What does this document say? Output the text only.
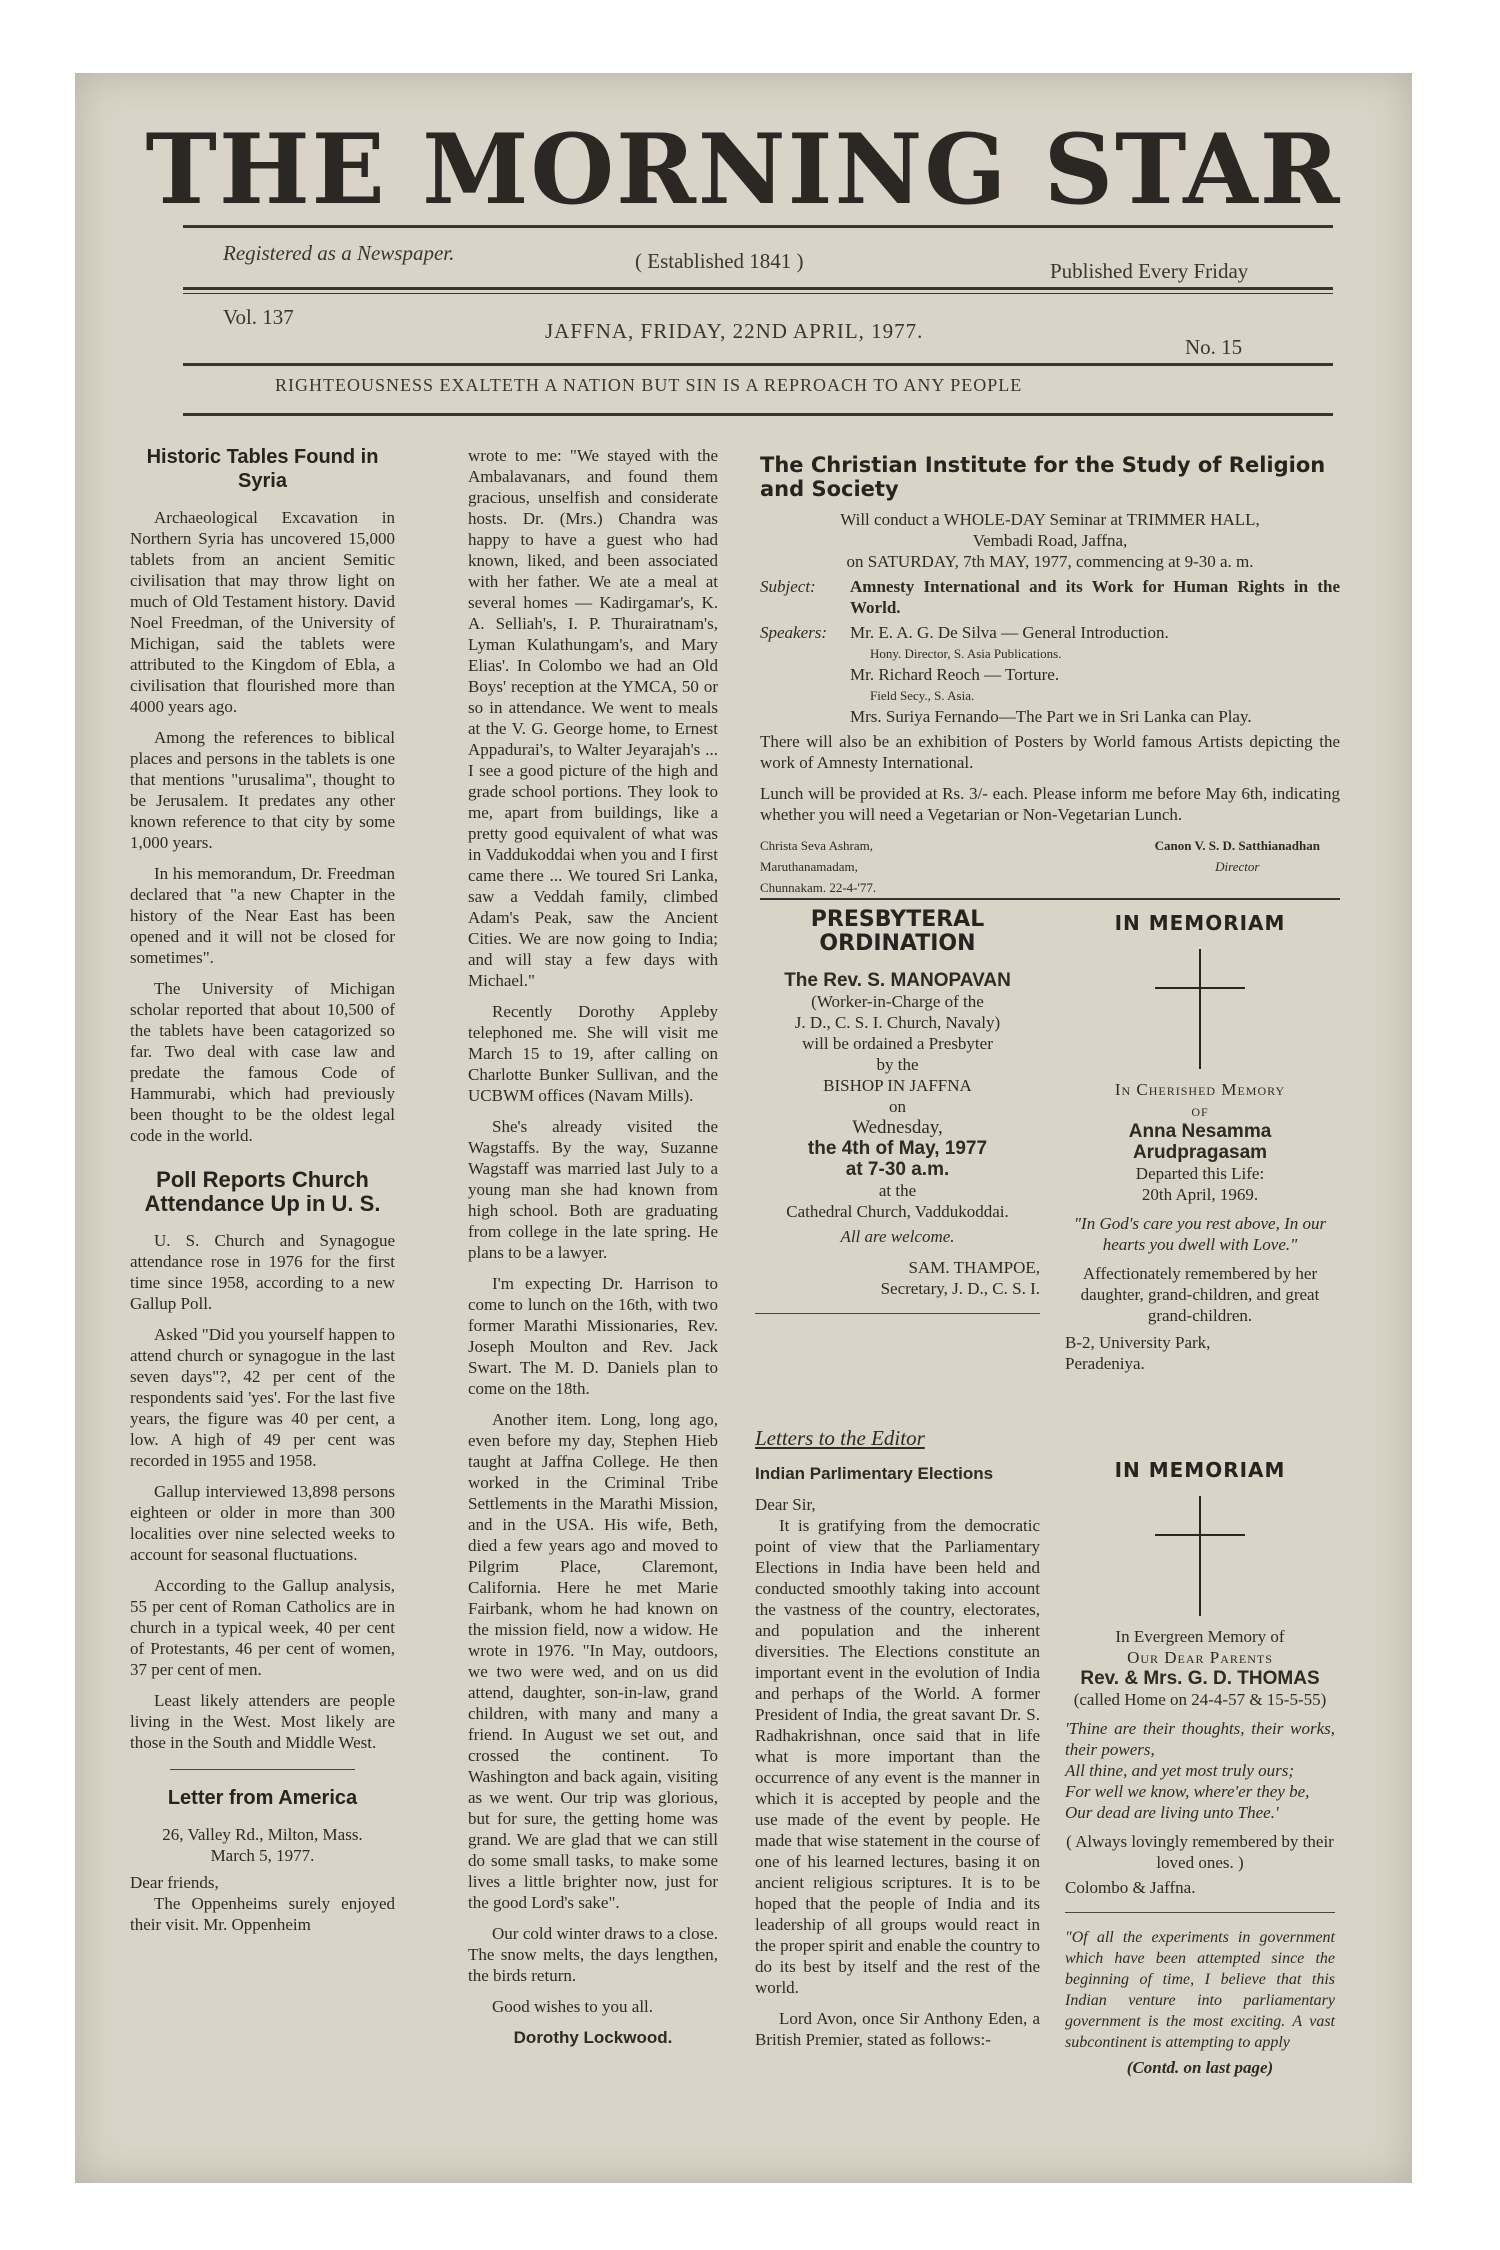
THE MORNING STAR
Registered as a Newspaper.	( Established 1841 )	Published Every Friday
Vol. 137
JAFFNA, FRIDAY, 22ND APRIL, 1977.
No. 15
RIGHTEOUSNESS EXALTETH A NATION BUT SIN IS A REPROACH TO ANY PEOPLE
Historic Tables Found in Syria

Archaeological Excavation in Northern Syria has uncovered 15,000 tablets from an ancient Semitic civilisation that may throw light on much of Old Testament history. David Noel Freedman, of the University of Michigan, said the tablets were attributed to the Kingdom of Ebla, a civilisation that flourished more than 4000 years ago.

Among the references to biblical places and persons in the tablets is one that mentions "urusalima", thought to be Jerusalem. It predates any other known reference to that city by some 1,000 years.

In his memorandum, Dr. Freedman declared that "a new Chapter in the history of the Near East has been opened and it will not be closed for sometimes".

The University of Michigan scholar reported that about 10,500 of the tablets have been catagorized so far. Two deal with case law and predate the famous Code of Hammurabi, which had previously been thought to be the oldest legal code in the world.

Poll Reports Church Attendance Up in U. S.

U. S. Church and Synagogue attendance rose in 1976 for the first time since 1958, according to a new Gallup Poll.

Asked "Did you yourself happen to attend church or synagogue in the last seven days"?, 42 per cent of the respondents said 'yes'. For the last five years, the figure was 40 per cent, a low. A high of 49 per cent was recorded in 1955 and 1958.

Gallup interviewed 13,898 persons eighteen or older in more than 300 localities over nine selected weeks to account for seasonal fluctuations.

According to the Gallup analysis, 55 per cent of Roman Catholics are in church in a typical week, 40 per cent of Protestants, 46 per cent of women, 37 per cent of men.

Least likely attenders are people living in the West. Most likely are those in the South and Middle West.

Letter from America
26, Valley Rd., Milton, Mass.
March 5, 1977.
Dear friends,

The Oppenheims surely enjoyed their visit. Mr. Oppenheim

wrote to me: "We stayed with the Ambalavanars, and found them gracious, unselfish and considerate hosts. Dr. (Mrs.) Chandra was happy to have a guest who had known, liked, and been associated with her father. We ate a meal at several homes — Kadirgamar's, K. A. Selliah's, I. P. Thurairatnam's, Lyman Kulathungam's, and Mary Elias'. In Colombo we had an Old Boys' reception at the YMCA, 50 or so in attendance. We went to meals at the V. G. George home, to Ernest Appadurai's, to Walter Jeyarajah's ... I see a good picture of the high and grade school portions. They look to me, apart from buildings, like a pretty good equivalent of what was in Vaddukoddai when you and I first came there ... We toured Sri Lanka, saw a Veddah family, climbed Adam's Peak, saw the Ancient Cities. We are now going to India; and will stay a few days with Michael."

Recently Dorothy Appleby telephoned me. She will visit me March 15 to 19, after calling on Charlotte Bunker Sullivan, and the UCBWM offices (Navam Mills).

She's already visited the Wagstaffs. By the way, Suzanne Wagstaff was married last July to a young man she had known from high school. Both are graduating from college in the late spring. He plans to be a lawyer.

I'm expecting Dr. Harrison to come to lunch on the 16th, with two former Marathi Missionaries, Rev. Joseph Moulton and Rev. Jack Swart. The M. D. Daniels plan to come on the 18th.

Another item. Long, long ago, even before my day, Stephen Hieb taught at Jaffna College. He then worked in the Criminal Tribe Settlements in the Marathi Mission, and in the USA. His wife, Beth, died a few years ago and moved to Pilgrim Place, Claremont, California. Here he met Marie Fairbank, whom he had known on the mission field, now a widow. He wrote in 1976. "In May, outdoors, we two were wed, and on us did attend, daughter, son-in-law, grand children, with many and many a friend. In August we set out, and crossed the continent. To Washington and back again, visiting as we went. Our trip was glorious, but for sure, the getting home was grand. We are glad that we can still do some small tasks, to make some lives a little brighter now, just for the good Lord's sake".

Our cold winter draws to a close. The snow melts, the days lengthen, the birds return.

Good wishes to you all.

Dorothy Lockwood.
The Christian Institute for the Study of Religion and Society
Will conduct a WHOLE-DAY Seminar at TRIMMER HALL,
Vembadi Road, Jaffna,
on SATURDAY, 7th MAY, 1977, commencing at 9-30 a. m.
Subject:	Amnesty International and its Work for Human Rights in the World.
Speakers:	Mr. E. A. G. De Silva — General Introduction.
Hony. Director, S. Asia Publications.
Mr. Richard Reoch — Torture.
Field Secy., S. Asia.
Mrs. Suriya Fernando—The Part we in Sri Lanka can Play.

There will also be an exhibition of Posters by World famous Artists depicting the work of Amnesty International.

Lunch will be provided at Rs. 3/- each. Please inform me before May 6th, indicating whether you will need a Vegetarian or Non-Vegetarian Lunch.

Christa Seva Ashram,
Maruthanamadam,
Chunnakam. 22-4-'77.
Canon V. S. D. Satthianadhan
Director
PRESBYTERAL ORDINATION
The Rev. S. MANOPAVAN
(Worker-in-Charge of the
J. D., C. S. I. Church, Navaly)
will be ordained a Presbyter
by the
BISHOP IN JAFFNA
on
Wednesday,
the 4th of May, 1977
at 7-30 a.m.
at the
Cathedral Church, Vaddukoddai.
All are welcome.
SAM. THAMPOE,
Secretary, J. D., C. S. I.
IN MEMORIAM
In Cherished Memory
of
Anna Nesamma Arudpragasam
Departed this Life:
20th April, 1969.
"In God's care you rest above, In our hearts you dwell with Love."
Affectionately remembered by her daughter, grand-children, and great grand-children.
B-2, University Park,
Peradeniya.
Letters to the Editor
Indian Parlimentary Elections
Dear Sir,

It is gratifying from the democratic point of view that the Parliamentary Elections in India have been held and conducted smoothly taking into account the vastness of the country, electorates, and population and the inherent diversities. The Elections constitute an important event in the evolution of India and perhaps of the World. A former President of India, the great savant Dr. S. Radhakrishnan, once said that in life what is more important than the occurrence of any event is the manner in which it is accepted by people and the use made of the event by people. He made that wise statement in the course of one of his learned lectures, basing it on ancient religious scriptures. It is to be hoped that the people of India and its leadership of all groups would react in the proper spirit and enable the country to do its best by itself and the rest of the world.

Lord Avon, once Sir Anthony Eden, a British Premier, stated as follows:-

IN MEMORIAM
In Evergreen Memory of
Our Dear Parents
Rev. & Mrs. G. D. THOMAS
(called Home on 24-4-57 & 15-5-55)
'Thine are their thoughts, their works, their powers,
All thine, and yet most truly ours;
For well we know, where'er they be,
Our dead are living unto Thee.'
( Always lovingly remembered by their loved ones. )
Colombo & Jaffna.
"Of all the experiments in government which have been attempted since the beginning of time, I believe that this Indian venture into parliamentary government is the most exciting. A vast subcontinent is attempting to apply
(Contd. on last page)
